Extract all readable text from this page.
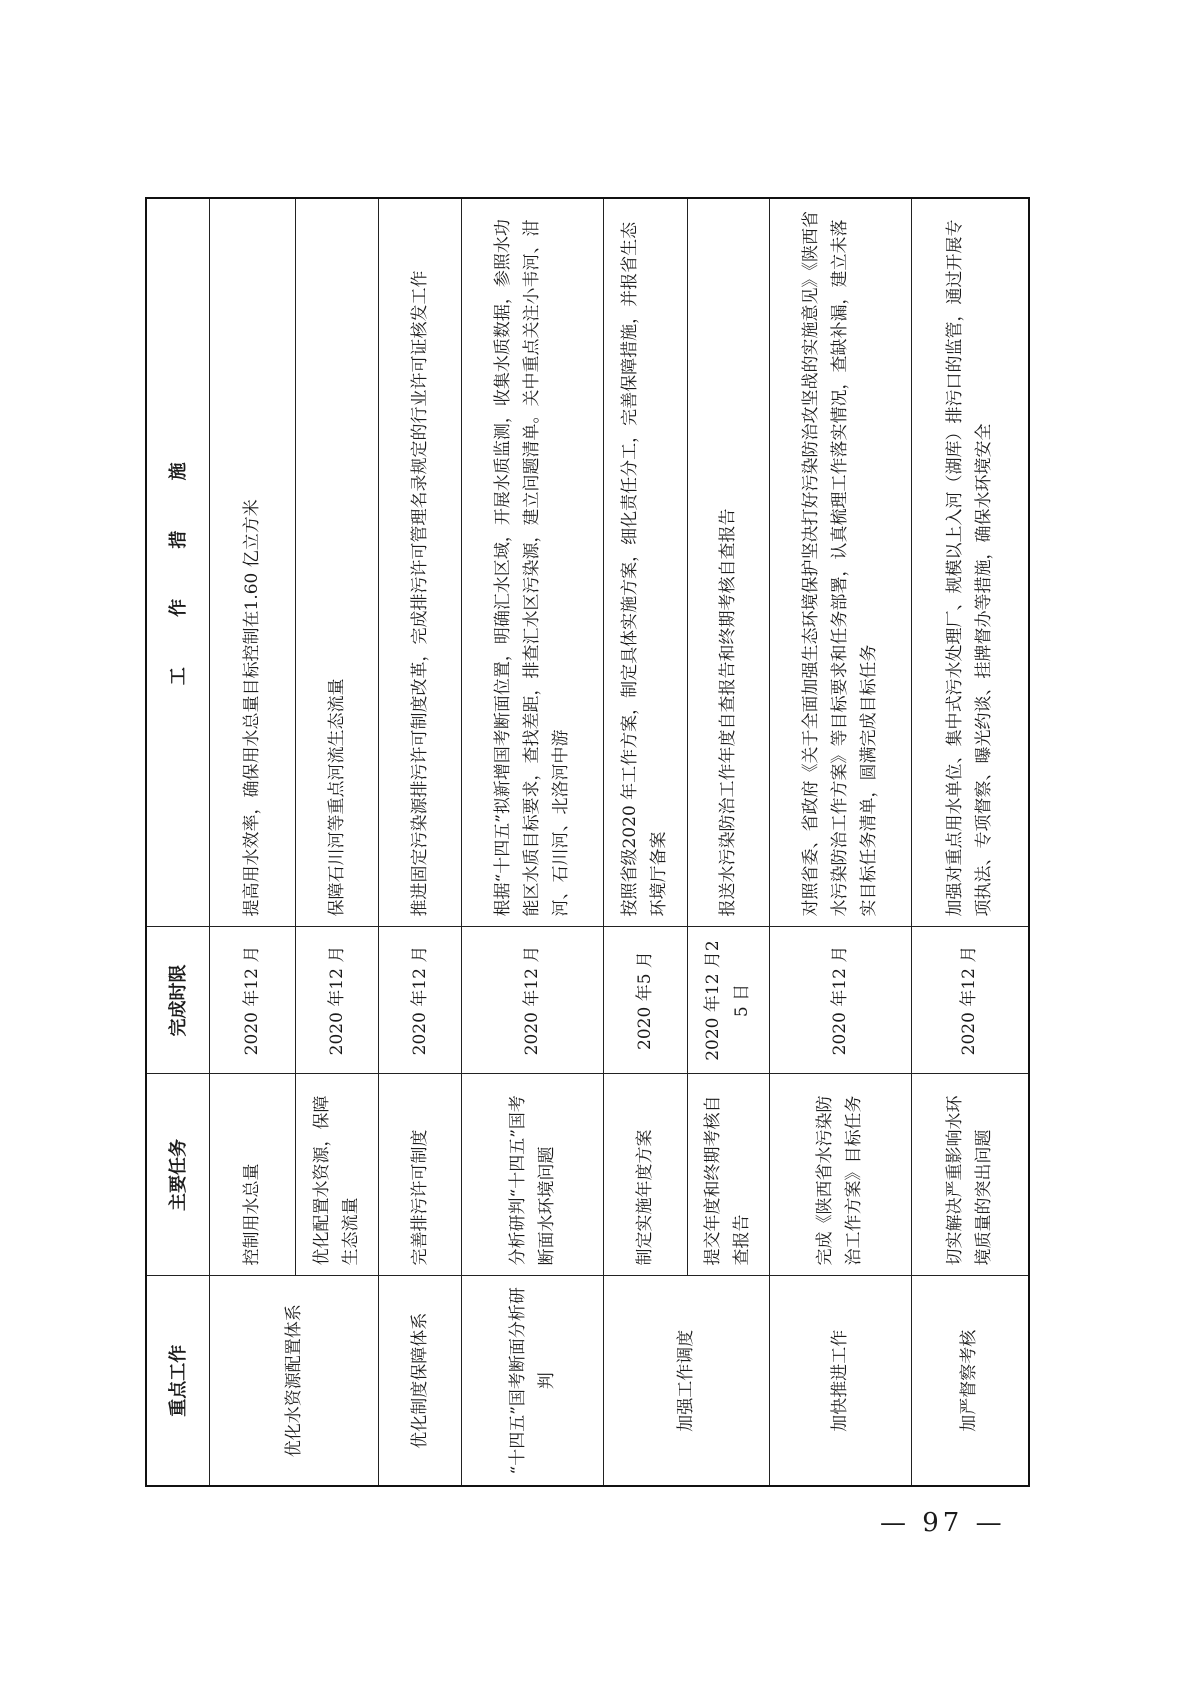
重点工作	主要任务	完成时限	工 作 措 施
优化水资源配置体系	控制用水总量	2020 年12 月	提高用水效率，确保用水总量目标控制在1.60 亿立方米
	优化配置水资源，保障生态流量	2020 年12 月	保障石川河等重点河流生态流量
优化制度保障体系	完善排污许可制度	2020 年12 月	推进固定污染源排污许可制度改革，完成排污许可管理名录规定的行业许可证核发工作
“十四五”国考断面分析研判	分析研判“十四五”国考断面水环境问题	2020 年12 月	根据“十四五”拟新增国考断面位置，明确汇水区域，开展水质监测，收集水质数据，参照水功能区水质目标要求，查找差距，排查汇水区污染源，建立问题清单。关中重点关注小韦河、泔河、石川河、北洛河中游
加强工作调度	制定实施年度方案	2020 年5 月	按照省级2020 年工作方案，制定具体实施方案，细化责任分工，完善保障措施，并报省生态环境厅备案
	提交年度和终期考核自查报告	2020 年12 月25 日	报送水污染防治工作年度自查报告和终期考核自查报告
加快推进工作	完成《陕西省水污染防治工作方案》目标任务	2020 年12 月	对照省委、省政府《关于全面加强生态环境保护坚决打好污染防治攻坚战的实施意见》《陕西省水污染防治工作方案》等目标要求和任务部署，认真梳理工作落实情况，查缺补漏，建立未落实目标任务清单，圆满完成目标任务
加严督察考核	切实解决严重影响水环境质量的突出问题	2020 年12 月	加强对重点用水单位、集中式污水处理厂、规模以上入河（湖库）排污口的监管，通过开展专项执法、专项督察、曝光约谈、挂牌督办等措施，确保水环境安全
— 97 —
